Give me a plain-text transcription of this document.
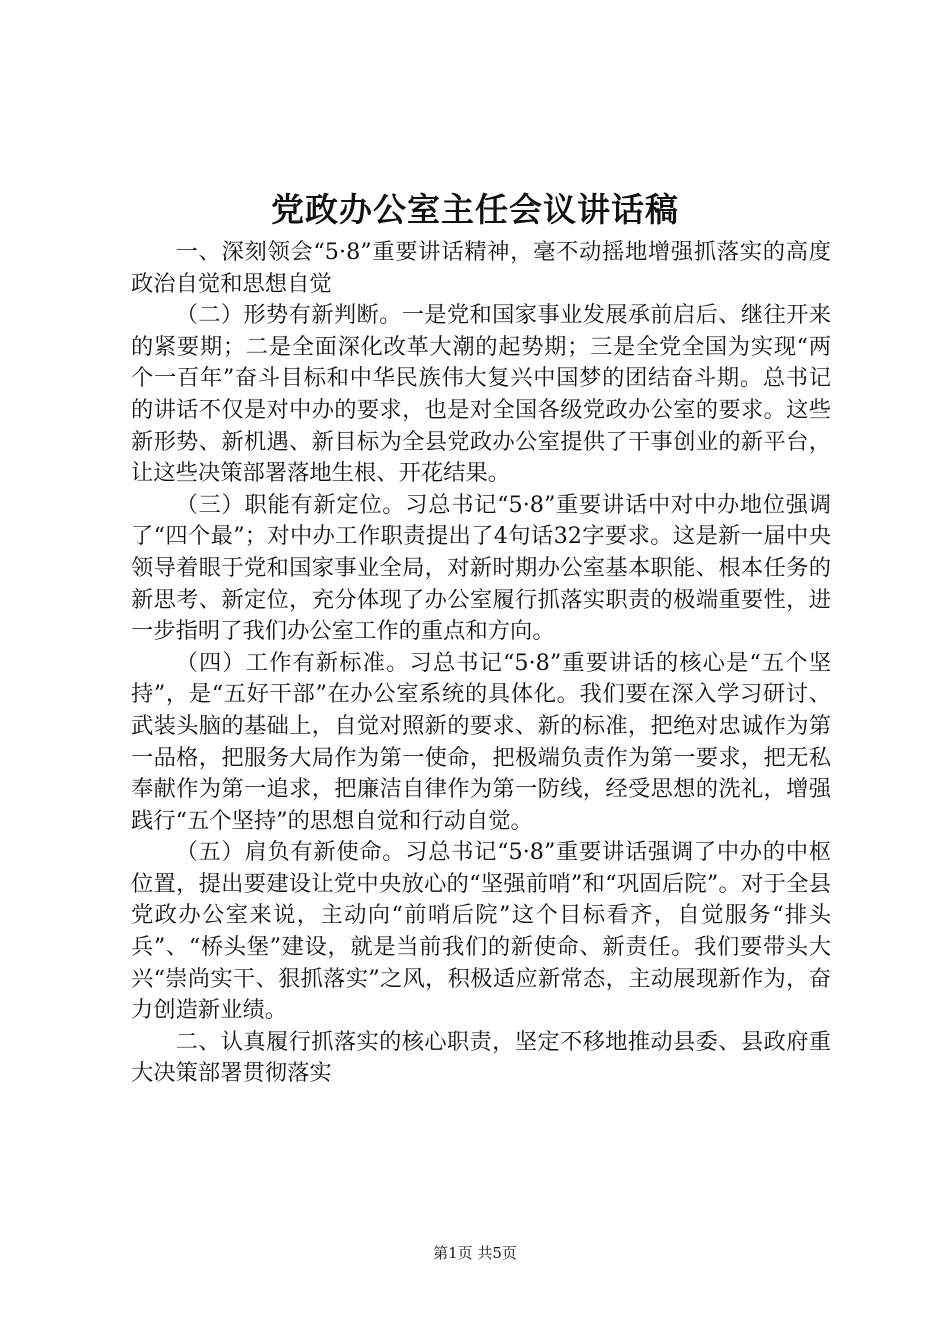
党政办公室主任会议讲话稿

一、深刻领会“5·8”重要讲话精神，毫不动摇地增强抓落实的高度政治自觉和思想自觉

（二）形势有新判断。一是党和国家事业发展承前启后、继往开来的紧要期；二是全面深化改革大潮的起势期；三是全党全国为实现“两个一百年”奋斗目标和中华民族伟大复兴中国梦的团结奋斗期。总书记的讲话不仅是对中办的要求，也是对全国各级党政办公室的要求。这些新形势、新机遇、新目标为全县党政办公室提供了干事创业的新平台，让这些决策部署落地生根、开花结果。

（三）职能有新定位。习总书记“5·8”重要讲话中对中办地位强调了“四个最”；对中办工作职责提出了4句话32字要求。这是新一届中央领导着眼于党和国家事业全局，对新时期办公室基本职能、根本任务的新思考、新定位，充分体现了办公室履行抓落实职责的极端重要性，进一步指明了我们办公室工作的重点和方向。

（四）工作有新标准。习总书记“5·8”重要讲话的核心是“五个坚持”，是“五好干部”在办公室系统的具体化。我们要在深入学习研讨、武装头脑的基础上，自觉对照新的要求、新的标准，把绝对忠诚作为第一品格，把服务大局作为第一使命，把极端负责作为第一要求，把无私奉献作为第一追求，把廉洁自律作为第一防线，经受思想的洗礼，增强践行“五个坚持”的思想自觉和行动自觉。

（五）肩负有新使命。习总书记“5·8”重要讲话强调了中办的中枢位置，提出要建设让党中央放心的“坚强前哨”和“巩固后院”。对于全县党政办公室来说，主动向“前哨后院”这个目标看齐，自觉服务“排头兵”、“桥头堡”建设，就是当前我们的新使命、新责任。我们要带头大兴“崇尚实干、狠抓落实”之风，积极适应新常态，主动展现新作为，奋力创造新业绩。

二、认真履行抓落实的核心职责，坚定不移地推动县委、县政府重大决策部署贯彻落实

第1页 共5页
